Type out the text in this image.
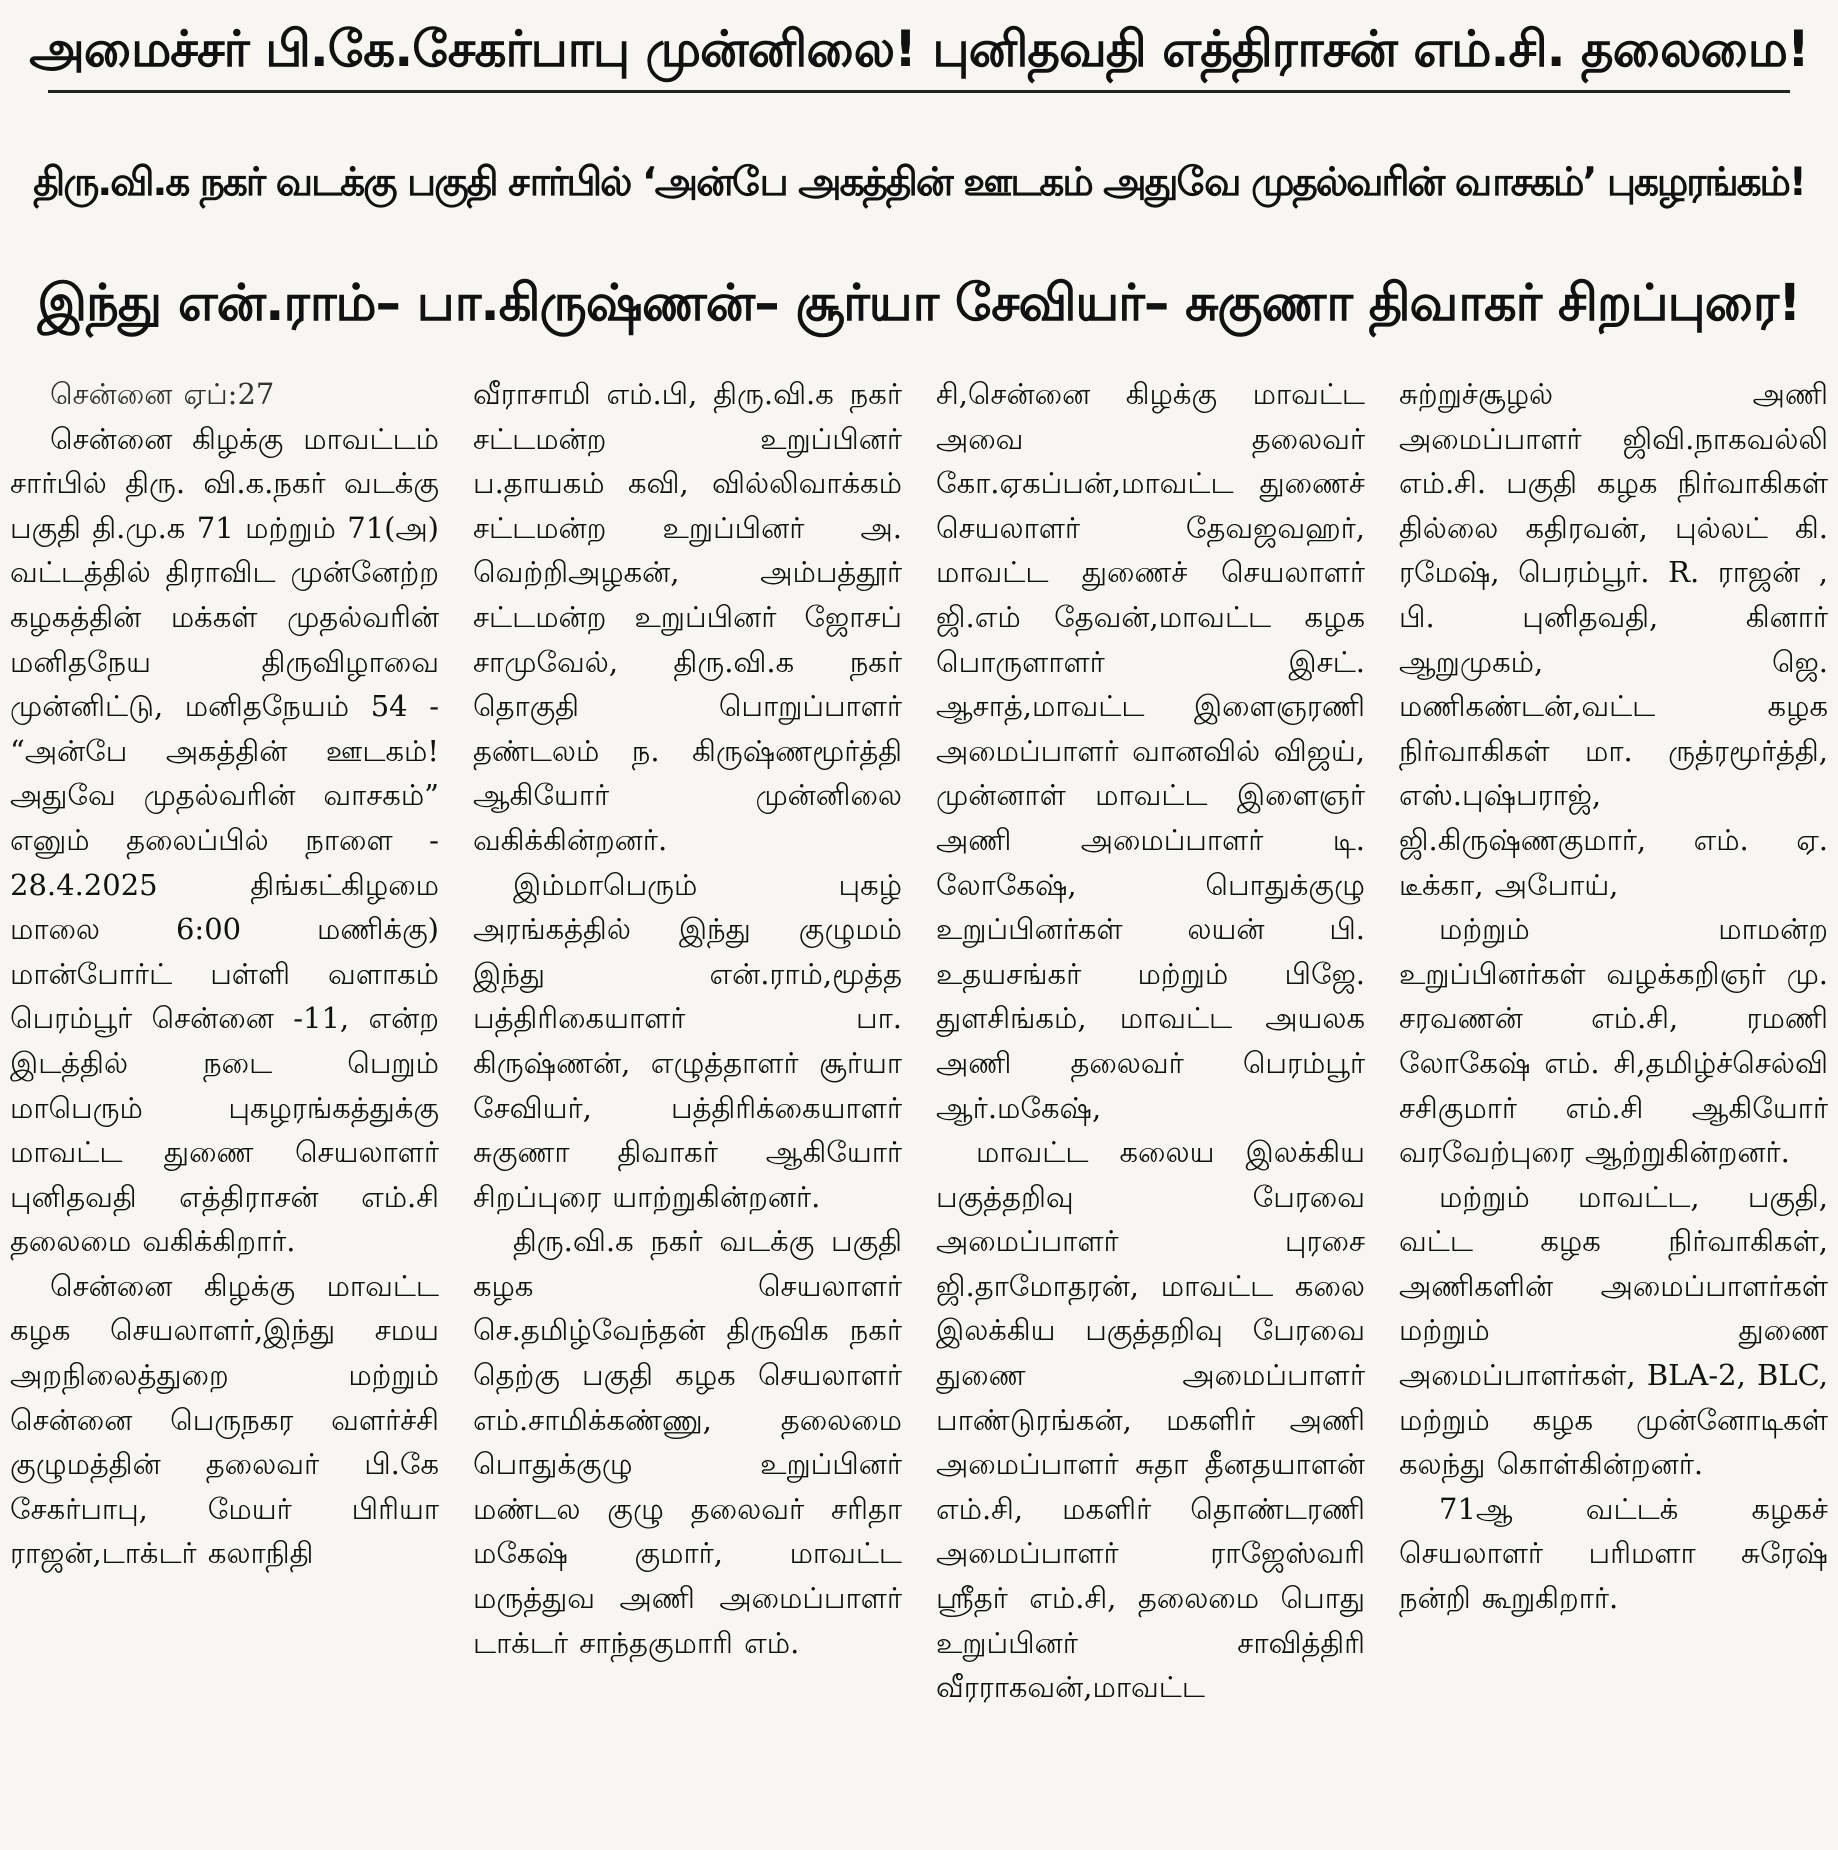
அமைச்சர் பி.கே.சேகர்பாபு முன்னிலை! புனிதவதி எத்திராசன் எம்.சி. தலைமை!
திரு.வி.க நகர் வடக்கு பகுதி சார்பில் ‘அன்பே அகத்தின் ஊடகம் அதுவே முதல்வரின் வாசகம்’ புகழரங்கம்!
இந்து என்.ராம்– பா.கிருஷ்ணன்– சூர்யா சேவியர்– சுகுணா திவாகர் சிறப்புரை!

சென்னை ஏப்:27

சென்னை கிழக்கு மாவட்டம் சார்பில் திரு. வி.க.நகர் வடக்கு பகுதி தி.மு.க 71 மற்றும் 71(அ) வட்டத்தில் திராவிட முன்னேற்ற கழகத்தின் மக்கள் முதல்வரின் மனிதநேய திருவிழாவை முன்னிட்டு, மனிதநேயம் 54 - “அன்பே அகத்தின் ஊடகம்! அதுவே முதல்வரின் வாசகம்” எனும் தலைப்பில் நாளை - 28.4.2025 திங்கட்கிழமை மாலை 6:00 மணிக்கு) மான்போர்ட் பள்ளி வளாகம் பெரம்பூர் சென்னை -11, என்ற இடத்தில் நடை பெறும் மாபெரும் புகழரங்கத்துக்கு மாவட்ட துணை செயலாளர் புனிதவதி எத்திராசன் எம்.சி தலைமை வகிக்கிறார்.

சென்னை கிழக்கு மாவட்ட கழக செயலாளர்,இந்து சமய அறநிலைத்துறை மற்றும் சென்னை பெருநகர வளர்ச்சி குழுமத்தின் தலைவர் பி.கே சேகர்பாபு, மேயர் பிரியா ராஜன்,டாக்டர் கலாநிதி

வீராசாமி எம்.பி, திரு.வி.க நகர் சட்டமன்ற உறுப்பினர் ப.தாயகம் கவி, வில்லிவாக்கம் சட்டமன்ற உறுப்பினர் அ. வெற்றிஅழகன், அம்பத்தூர் சட்டமன்ற உறுப்பினர் ஜோசப் சாமுவேல், திரு.வி.க நகர் தொகுதி பொறுப்பாளர் தண்டலம் ந. கிருஷ்ணமூர்த்தி ஆகியோர் முன்னிலை வகிக்கின்றனர்.

இம்மாபெரும் புகழ் அரங்கத்தில் இந்து குழுமம் இந்து என்.ராம்,மூத்த பத்திரிகையாளர் பா. கிருஷ்ணன், எழுத்தாளர் சூர்யா சேவியர், பத்திரிக்கையாளர் சுகுணா திவாகர் ஆகியோர் சிறப்புரை யாற்றுகின்றனர்.

திரு.வி.க நகர் வடக்கு பகுதி கழக செயலாளர் செ.தமிழ்வேந்தன் திருவிக நகர் தெற்கு பகுதி கழக செயலாளர் எம்.சாமிக்கண்ணு, தலைமை பொதுக்குழு உறுப்பினர் மண்டல குழு தலைவர் சரிதா மகேஷ் குமார், மாவட்ட மருத்துவ அணி அமைப்பாளர் டாக்டர் சாந்தகுமாரி எம்.

சி,சென்னை கிழக்கு மாவட்ட அவை தலைவர் கோ.ஏகப்பன்,மாவட்ட துணைச் செயலாளர் தேவஜவஹர், மாவட்ட துணைச் செயலாளர் ஜி.எம் தேவன்,மாவட்ட கழக பொருளாளர் இசட். ஆசாத்,மாவட்ட இளைஞரணி அமைப்பாளர் வானவில் விஜய், முன்னாள் மாவட்ட இளைஞர் அணி அமைப்பாளர் டி. லோகேஷ், பொதுக்குழு உறுப்பினர்கள் லயன் பி. உதயசங்கர் மற்றும் பிஜே. துளசிங்கம், மாவட்ட அயலக அணி தலைவர் பெரம்பூர் ஆர்.மகேஷ்,

மாவட்ட கலைய இலக்கிய பகுத்தறிவு பேரவை அமைப்பாளர் புரசை ஜி.தாமோதரன், மாவட்ட கலை இலக்கிய பகுத்தறிவு பேரவை துணை அமைப்பாளர் பாண்டுரங்கன், மகளிர் அணி அமைப்பாளர் சுதா தீனதயாளன் எம்.சி, மகளிர் தொண்டரணி அமைப்பாளர் ராஜேஸ்வரி ஸ்ரீதர் எம்.சி, தலைமை பொது உறுப்பினர் சாவித்திரி வீரராகவன்,மாவட்ட

சுற்றுச்சூழல் அணி அமைப்பாளர் ஜிவி.நாகவல்லி எம்.சி. பகுதி கழக நிர்வாகிகள் தில்லை கதிரவன், புல்லட் கி. ரமேஷ், பெரம்பூர். R. ராஜன் , பி. புனிதவதி, கினார் ஆறுமுகம், ஜெ. மணிகண்டன்,வட்ட கழக நிர்வாகிகள் மா. ருத்ரமூர்த்தி, எஸ்.புஷ்பராஜ், ஜி.கிருஷ்ணகுமார், எம். ஏ. டீக்கா, அபோய்,

மற்றும் மாமன்ற உறுப்பினர்கள் வழக்கறிஞர் மு. சரவணன் எம்.சி, ரமணி லோகேஷ் எம். சி,தமிழ்ச்செல்வி சசிகுமார் எம்.சி ஆகியோர் வரவேற்புரை ஆற்றுகின்றனர்.

மற்றும் மாவட்ட, பகுதி, வட்ட கழக நிர்வாகிகள், அணிகளின் அமைப்பாளர்கள் மற்றும் துணை அமைப்பாளர்கள், BLA-2, BLC, மற்றும் கழக முன்னோடிகள் கலந்து கொள்கின்றனர்.

71ஆ வட்டக் கழகச் செயலாளர் பரிமளா சுரேஷ் நன்றி கூறுகிறார்.
